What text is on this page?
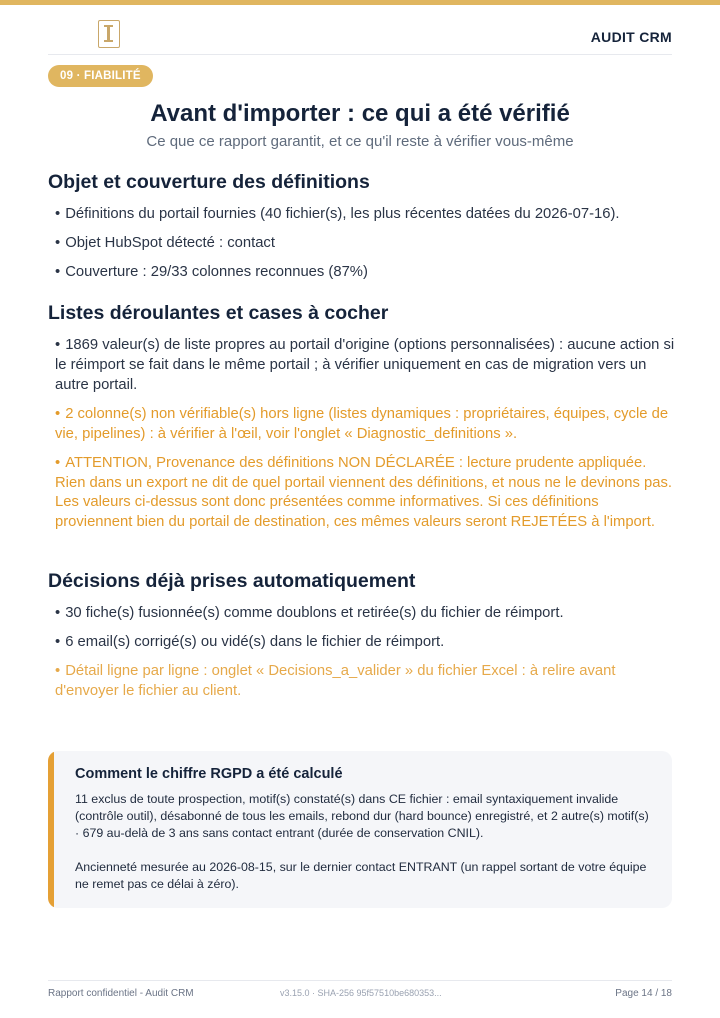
AUDIT CRM
09 · FIABILITÉ
Avant d'importer : ce qui a été vérifié
Ce que ce rapport garantit, et ce qu'il reste à vérifier vous-même
Objet et couverture des définitions
• Définitions du portail fournies (40 fichier(s), les plus récentes datées du 2026-07-16).
• Objet HubSpot détecté : contact
• Couverture : 29/33 colonnes reconnues (87%)
Listes déroulantes et cases à cocher
• 1869 valeur(s) de liste propres au portail d'origine (options personnalisées) : aucune action si le réimport se fait dans le même portail ; à vérifier uniquement en cas de migration vers un autre portail.
• 2 colonne(s) non vérifiable(s) hors ligne (listes dynamiques : propriétaires, équipes, cycle de vie, pipelines) : à vérifier à l'œil, voir l'onglet « Diagnostic_definitions ».
• ATTENTION, Provenance des définitions NON DÉCLARÉE : lecture prudente appliquée. Rien dans un export ne dit de quel portail viennent des définitions, et nous ne le devinons pas. Les valeurs ci-dessus sont donc présentées comme informatives. Si ces définitions proviennent bien du portail de destination, ces mêmes valeurs seront REJETÉES à l'import.
Décisions déjà prises automatiquement
• 30 fiche(s) fusionnée(s) comme doublons et retirée(s) du fichier de réimport.
• 6 email(s) corrigé(s) ou vidé(s) dans le fichier de réimport.
• Détail ligne par ligne : onglet « Decisions_a_valider » du fichier Excel : à relire avant d'envoyer le fichier au client.
Comment le chiffre RGPD a été calculé

11 exclus de toute prospection, motif(s) constaté(s) dans CE fichier : email syntaxiquement invalide (contrôle outil), désabonné de tous les emails, rebond dur (hard bounce) enregistré, et 2 autre(s) motif(s) · 679 au-delà de 3 ans sans contact entrant (durée de conservation CNIL).

Ancienneté mesurée au 2026-08-15, sur le dernier contact ENTRANT (un rappel sortant de votre équipe ne remet pas ce délai à zéro).

Rapport confidentiel - Audit CRM	v3.15.0 · SHA-256 95f57510be680353...	Page 14 / 18
